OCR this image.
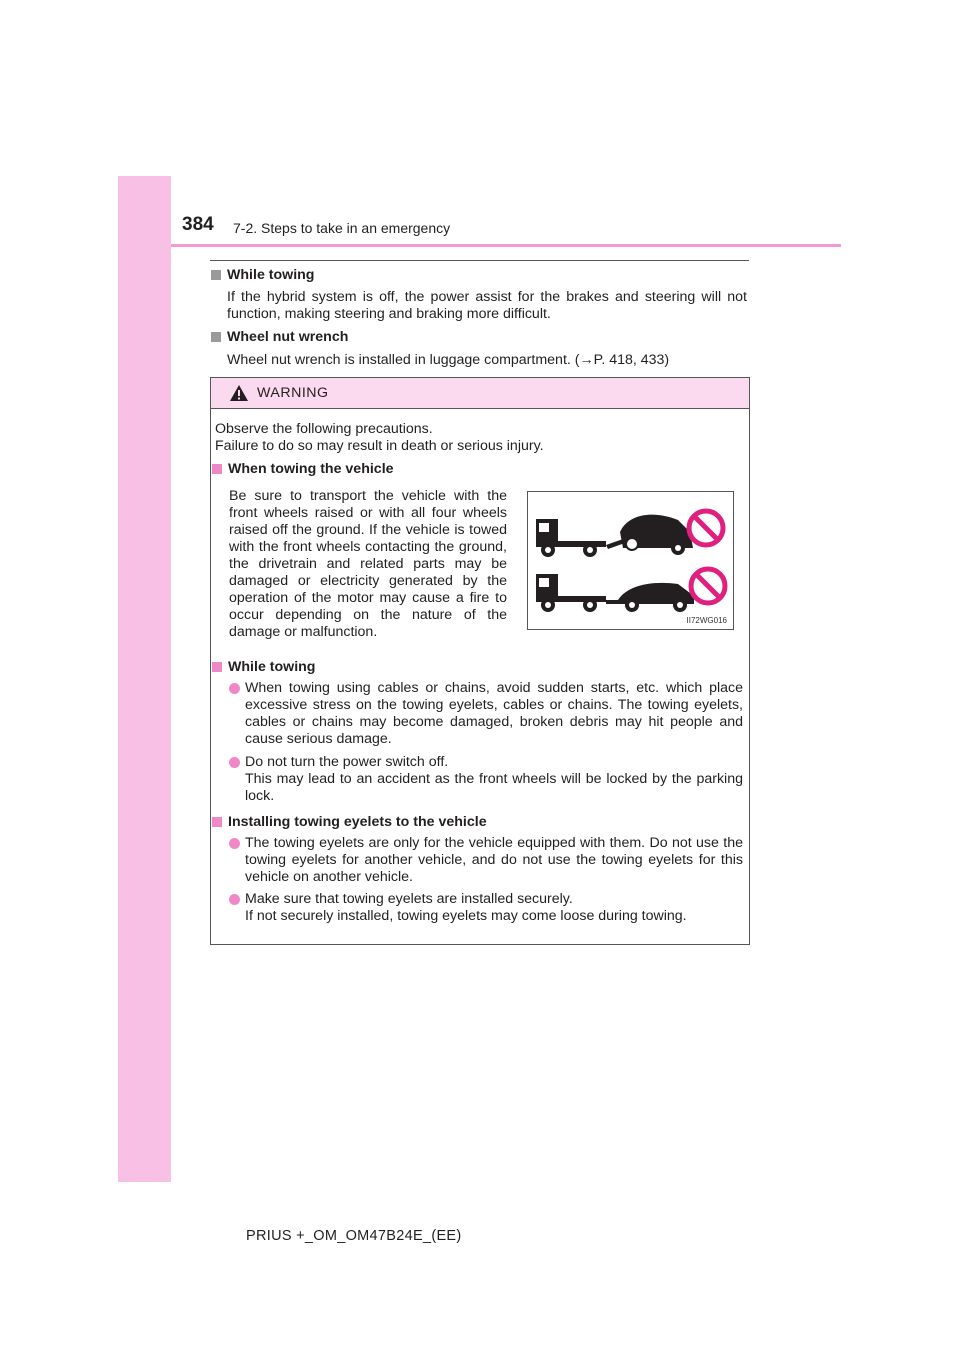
384 7-2. Steps to take in an emergency
While towing
If the hybrid system is off, the power assist for the brakes and steering will not function, making steering and braking more difficult.
Wheel nut wrench
Wheel nut wrench is installed in luggage compartment. (→P. 418, 433)
WARNING
Observe the following precautions.
Failure to do so may result in death or serious injury.
When towing the vehicle
Be sure to transport the vehicle with the front wheels raised or with all four wheels raised off the ground. If the vehicle is towed with the front wheels contacting the ground, the drivetrain and related parts may be damaged or electricity generated by the operation of the motor may cause a fire to occur depending on the nature of the damage or malfunction.
II72WG016
While towing
When towing using cables or chains, avoid sudden starts, etc. which place excessive stress on the towing eyelets, cables or chains. The towing eyelets, cables or chains may become damaged, broken debris may hit people and cause serious damage.
Do not turn the power switch off.
This may lead to an accident as the front wheels will be locked by the parking lock.
Installing towing eyelets to the vehicle
The towing eyelets are only for the vehicle equipped with them. Do not use the towing eyelets for another vehicle, and do not use the towing eyelets for this vehicle on another vehicle.
Make sure that towing eyelets are installed securely.
If not securely installed, towing eyelets may come loose during towing.
PRIUS +_OM_OM47B24E_(EE)
